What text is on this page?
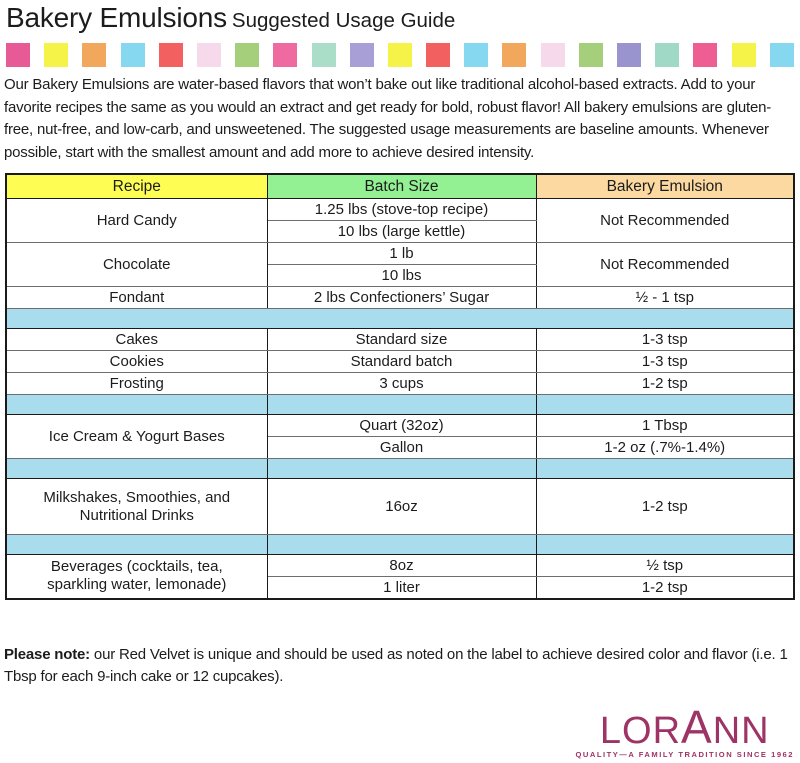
Bakery Emulsions Suggested Usage Guide

Our Bakery Emulsions are water-based flavors that won’t bake out like traditional alcohol-based extracts. Add to your favorite recipes the same as you would an extract and get ready for bold, robust flavor! All bakery emulsions are gluten-free, nut-free, and low-carb, and unsweetened. The suggested usage measurements are baseline amounts. Whenever possible, start with the smallest amount and add more to achieve desired intensity.

Recipe	Batch Size	Bakery Emulsion
Hard Candy	1.25 lbs (stove-top recipe)	Not Recommended
	10 lbs (large kettle)	
Chocolate	1 lb	Not Recommended
	10 lbs	
Fondant	2 lbs Confectioners’ Sugar	½ - 1 tsp

Cakes	Standard size	1-3 tsp
Cookies	Standard batch	1-3 tsp
Frosting	3 cups	1-2 tsp

Ice Cream & Yogurt Bases	Quart (32oz)	1 Tbsp
	Gallon	1-2 oz (.7%-1.4%)

Milkshakes, Smoothies, and Nutritional Drinks	16oz	1-2 tsp

Beverages (cocktails, tea, sparkling water, lemonade)	8oz	½ tsp
	1 liter	1-2 tsp

Please note: our Red Velvet is unique and should be used as noted on the label to achieve desired color and flavor (i.e. 1 Tbsp for each 9-inch cake or 12 cupcakes).

LORANN
QUALITY—A FAMILY TRADITION SINCE 1962
